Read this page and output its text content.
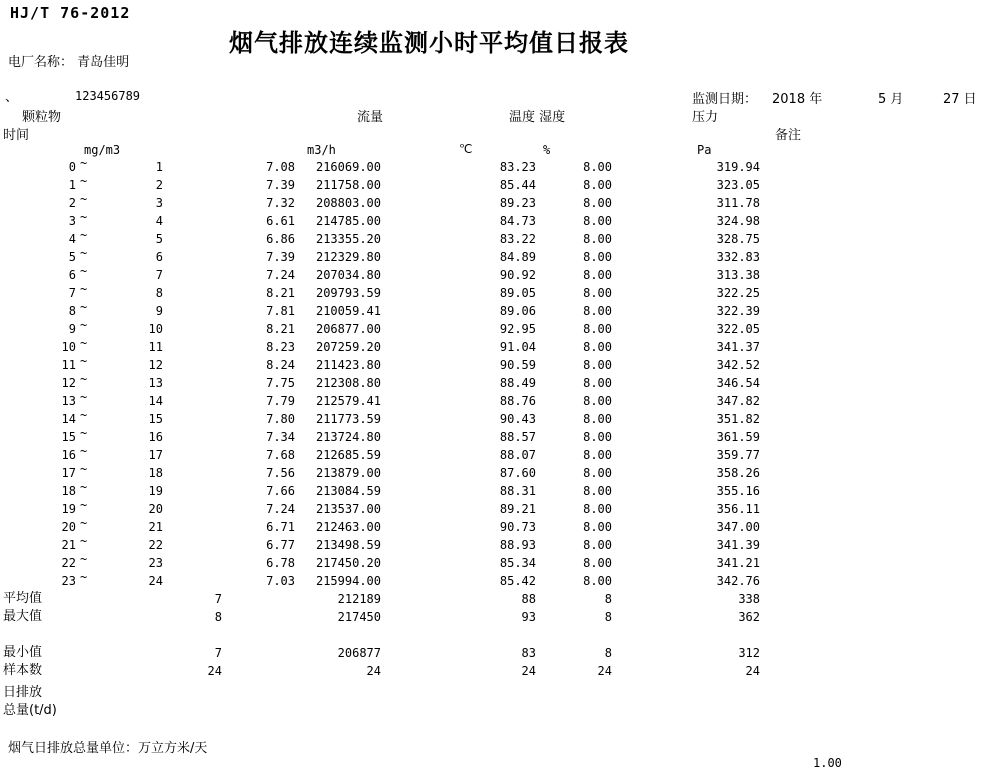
HJ/T 76-2012
烟气排放连续监测小时平均值日报表
电厂名称： 青岛佳明
、	123456789	监测日期： 2018 年	5 月	27 日
颗粒物	流量	温度 湿度	压力
时间	备注
mg/m3	m3/h	℃	%	Pa
0 ~	1	7.08	216069.00	83.23	8.00	319.94
1 ~	2	7.39	211758.00	85.44	8.00	323.05
2 ~	3	7.32	208803.00	89.23	8.00	311.78
3 ~	4	6.61	214785.00	84.73	8.00	324.98
4 ~	5	6.86	213355.20	83.22	8.00	328.75
5 ~	6	7.39	212329.80	84.89	8.00	332.83
6 ~	7	7.24	207034.80	90.92	8.00	313.38
7 ~	8	8.21	209793.59	89.05	8.00	322.25
8 ~	9	7.81	210059.41	89.06	8.00	322.39
9 ~	10	8.21	206877.00	92.95	8.00	322.05
10 ~	11	8.23	207259.20	91.04	8.00	341.37
11 ~	12	8.24	211423.80	90.59	8.00	342.52
12 ~	13	7.75	212308.80	88.49	8.00	346.54
13 ~	14	7.79	212579.41	88.76	8.00	347.82
14 ~	15	7.80	211773.59	90.43	8.00	351.82
15 ~	16	7.34	213724.80	88.57	8.00	361.59
16 ~	17	7.68	212685.59	88.07	8.00	359.77
17 ~	18	7.56	213879.00	87.60	8.00	358.26
18 ~	19	7.66	213084.59	88.31	8.00	355.16
19 ~	20	7.24	213537.00	89.21	8.00	356.11
20 ~	21	6.71	212463.00	90.73	8.00	347.00
21 ~	22	6.77	213498.59	88.93	8.00	341.39
22 ~	23	6.78	217450.20	85.34	8.00	341.21
23 ~	24	7.03	215994.00	85.42	8.00	342.76
平均值	7	212189	88	8	338
最大值	8	217450	93	8	362
最小值	7	206877	83	8	312
样本数	24	24	24	24	24
日排放
总量(t/d)
烟气日排放总量单位：万立方米/天
1.00
